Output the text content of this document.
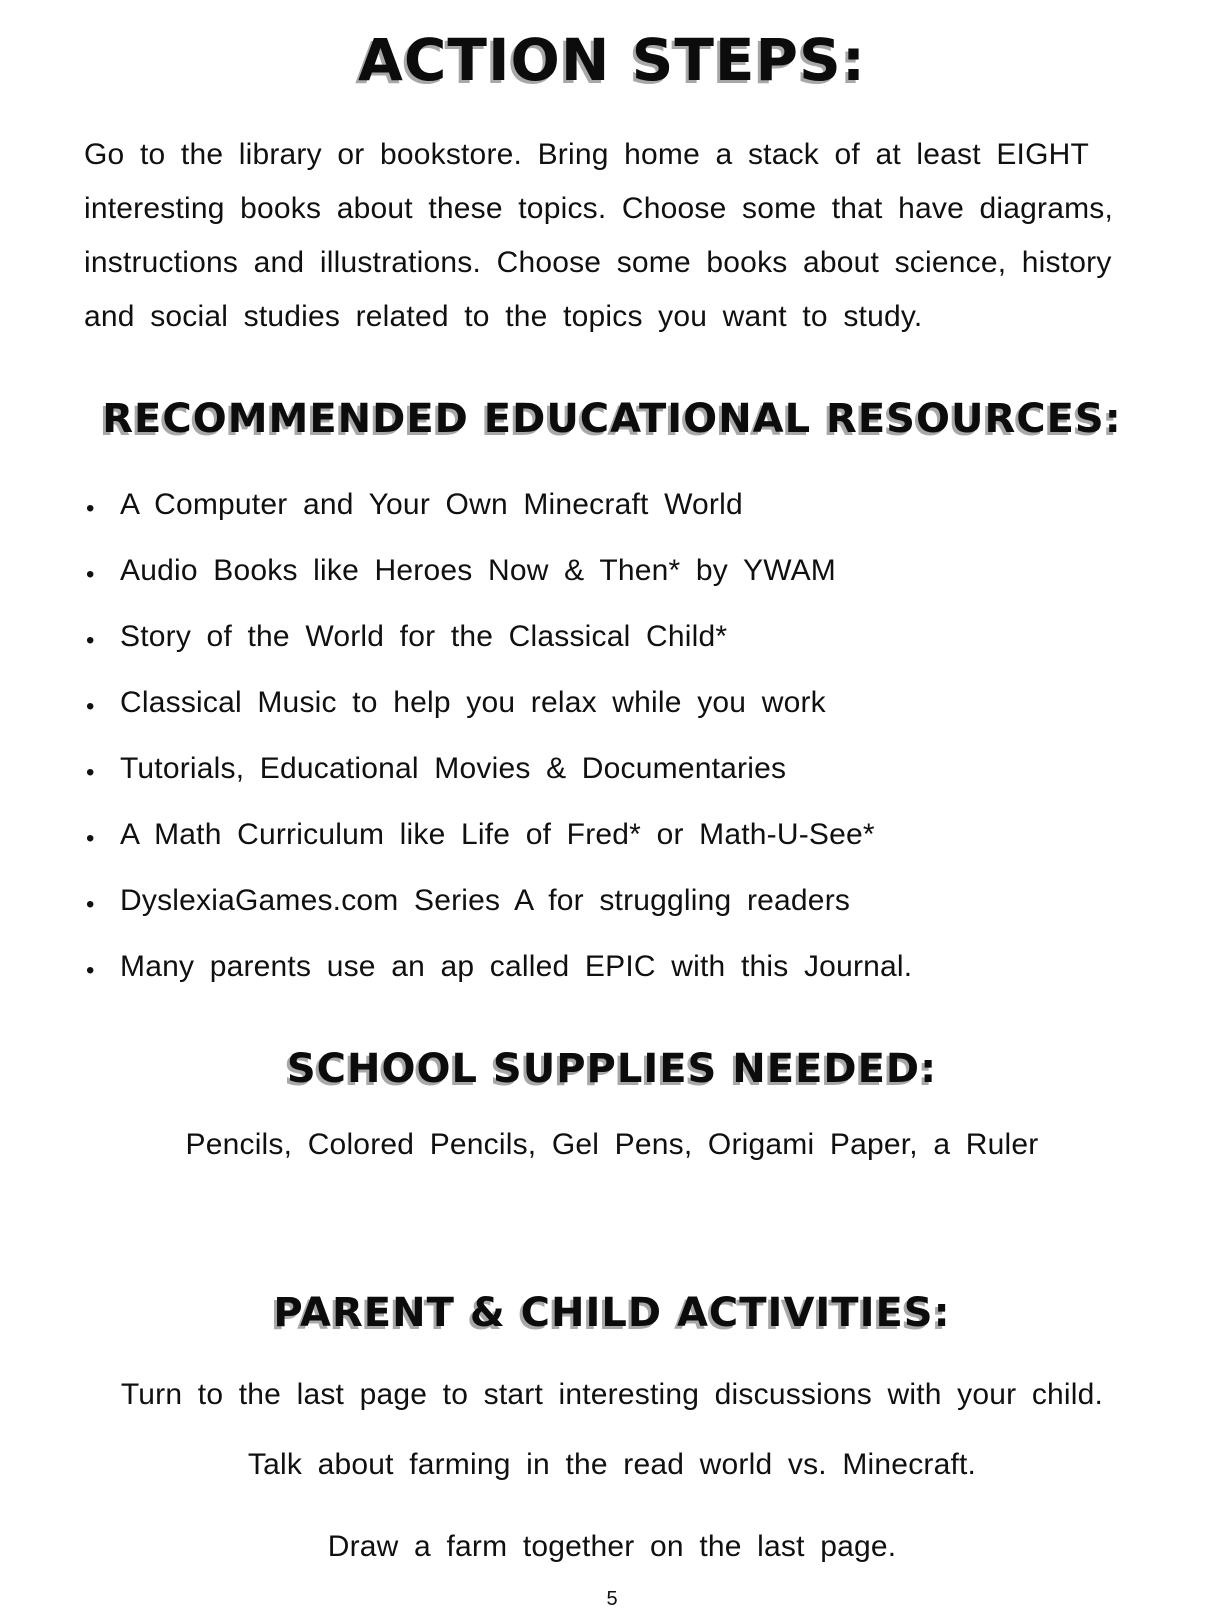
ACTION STEPS:

Go to the library or bookstore. Bring home a stack of at least EIGHT interesting books about these topics. Choose some that have diagrams, instructions and illustrations. Choose some books about science, history and social studies related to the topics you want to study.

RECOMMENDED EDUCATIONAL RESOURCES:
• A Computer and Your Own Minecraft World
• Audio Books like Heroes Now & Then* by YWAM
• Story of the World for the Classical Child*
• Classical Music to help you relax while you work
• Tutorials, Educational Movies & Documentaries
• A Math Curriculum like Life of Fred* or Math-U-See*
• DyslexiaGames.com Series A for struggling readers
• Many parents use an ap called EPIC with this Journal.
SCHOOL SUPPLIES NEEDED:

Pencils, Colored Pencils, Gel Pens, Origami Paper, a Ruler

PARENT & CHILD ACTIVITIES:

Turn to the last page to start interesting discussions with your child.

Talk about farming in the read world vs. Minecraft.

Draw a farm together on the last page.

5
